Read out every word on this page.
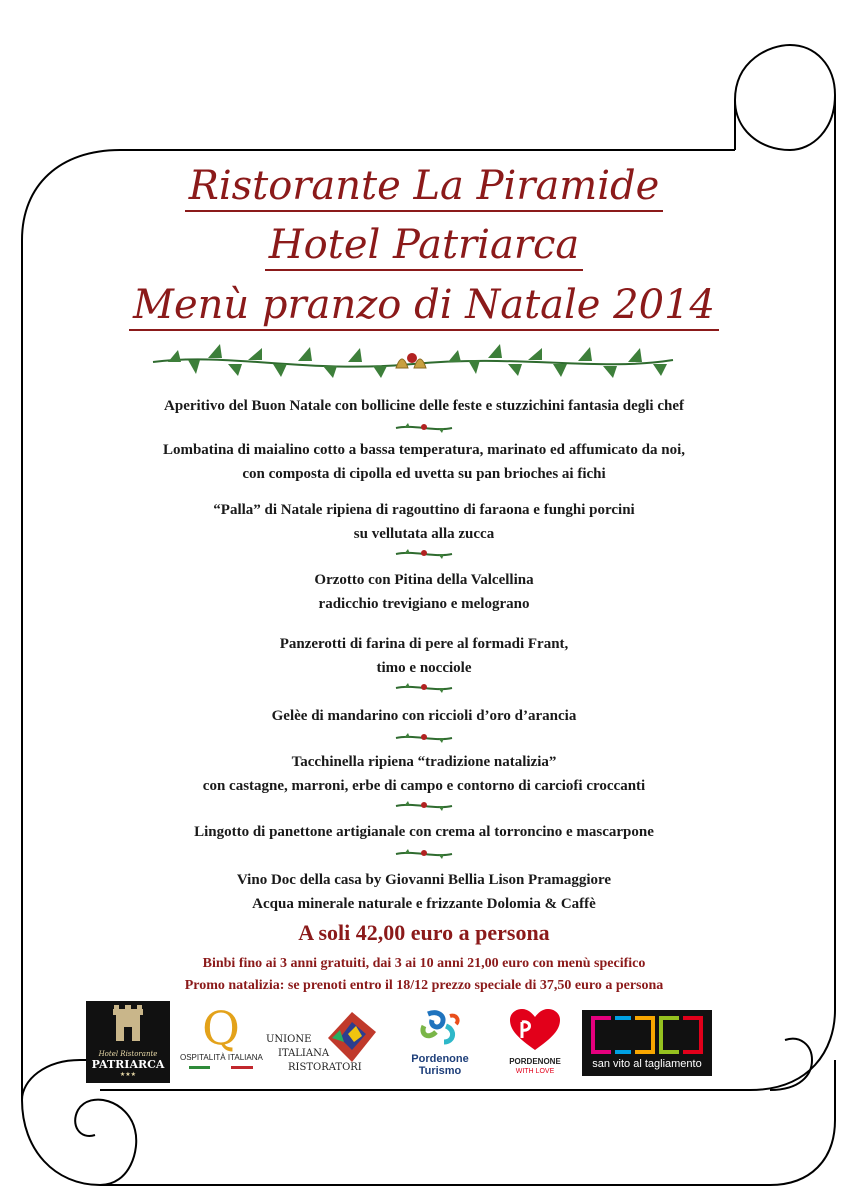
Ristorante La Piramide
Hotel Patriarca
Menù pranzo di Natale 2014
Aperitivo del Buon Natale con bollicine delle feste e stuzzichini fantasia degli chef
Lombatina di maialino cotto a bassa temperatura, marinato ed affumicato da noi,
con composta di cipolla ed uvetta su pan brioches ai fichi
“Palla” di Natale ripiena di ragouttino di faraona e funghi porcini
su vellutata alla zucca
Orzotto con Pitina della Valcellina
radicchio trevigiano e melograno
Panzerotti di farina di pere al formadi Frant,
timo e nocciole
Gelèe di mandarino con riccioli d’oro d’arancia
Tacchinella ripiena “tradizione natalizia”
con castagne, marroni, erbe di campo e contorno di carciofi croccanti
Lingotto di panettone artigianale con crema al torroncino e mascarpone
Vino Doc della casa by Giovanni Bellia Lison Pramaggiore
Acqua minerale naturale e frizzante Dolomia & Caffè
A soli 42,00 euro a persona
Binbi fino ai 3 anni gratuiti, dai 3 ai 10 anni 21,00 euro con menù specifico
Promo natalizia: se prenoti entro il 18/12 prezzo speciale di 37,50 euro a persona
Hotel Ristorante
PATRIARCA
★★★
Q
OSPITALITÀ ITALIANA
UNIONE
ITALIANA
RISTORATORI
Pordenone
Turismo
PORDENONE
WITH LOVE
san vito al tagliamento
